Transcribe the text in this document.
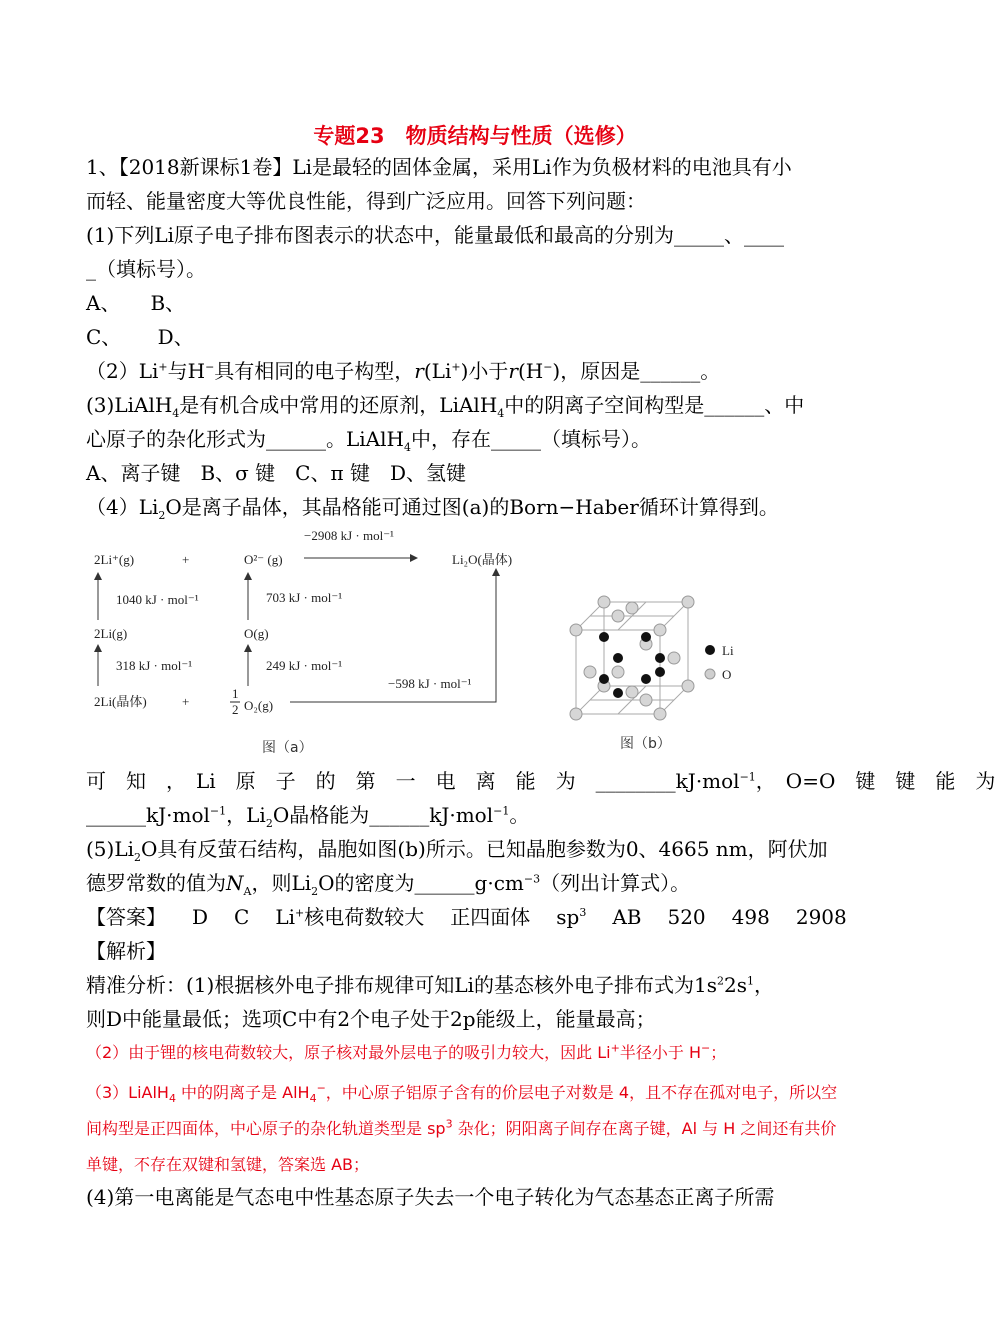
专题23　物质结构与性质（选修）
1、【2018新课标1卷】Li是最轻的固体金属，采用Li作为负极材料的电池具有小
而轻、能量密度大等优良性能，得到广泛应用。回答下列问题：
(1)下列Li原子电子排布图表示的状态中，能量最低和最高的分别为_____、____
_（填标号）。
A、　　B、
C、　　 D、
（2）Li+与H−具有相同的电子构型，r(Li+)小于r(H−)，原因是______。
(3)LiAlH$_4$是有机合成中常用的还原剂，LiAlH$_4$中的阴离子空间构型是______、中
心原子的杂化形式为______。LiAlH$_4$中，存在_____（填标号）。
A、离子键　B、σ 键　C、π 键　D、氢键
$(4)Li_2O$是离子晶体，其晶格能可通过图(a)的Born−Haber循环计算得到。
2Li⁺(g)	+	O²⁻ (g)
−2908 kJ · mol⁻¹
Li₂O(晶体)
1040 kJ · mol⁻¹	703 kJ · mol⁻¹
2Li(g)	O(g)
318 kJ · mol⁻¹	249 kJ · mol⁻¹
2Li(晶体)	+
1
2 O₂(g)
−598 kJ · mol⁻¹
图（a）
Li
O
图（b）
可　知　，　Li　原　子　的　第　一　电　离　能　为　________kJ·mol$^{-1}$，　O=O　键　键　能　为
______kJ·mol$^{-1}$，$Li_2O$晶格能为______kJ·mol$^{-1}$。
$(5)Li_2O$具有反萤石结构，晶胞如图(b)所示。已知晶胞参数为0、4665 nm，阿伏加
德罗常数的值为$N_A$，则$Li_2O$的密度为$\_\_\_\_\_\_g\cdot cm^{-3}$（列出计算式）。
【答案】 D C Li+核电荷数较大 正四面体 $sp^3$ AB 520 498 2908
【解析】
精准分析：(1)根据核外电子排布规律可知Li的基态核外电子排布式为$1s^22s^1$，
则D中能量最低；选项C中有2个电子处于2p能级上，能量最高；
（2）由于锂的核电荷数较大，原子核对最外层电子的吸引力较大，因此 Li+半径小于 H−；
（3）LiAlH$_4$ 中的阴离子是 AlH$_4$−，中心原子铝原子含有的价层电子对数是 4，且不存在孤对电子，所以空
间构型是正四面体，中心原子的杂化轨道类型是 $sp^3$ 杂化；阴阳离子间存在离子键，Al 与 H 之间还有共价
单键，不存在双键和氢键，答案选 AB；
(4)第一电离能是气态电中性基态原子失去一个电子转化为气态基态正离子所需
